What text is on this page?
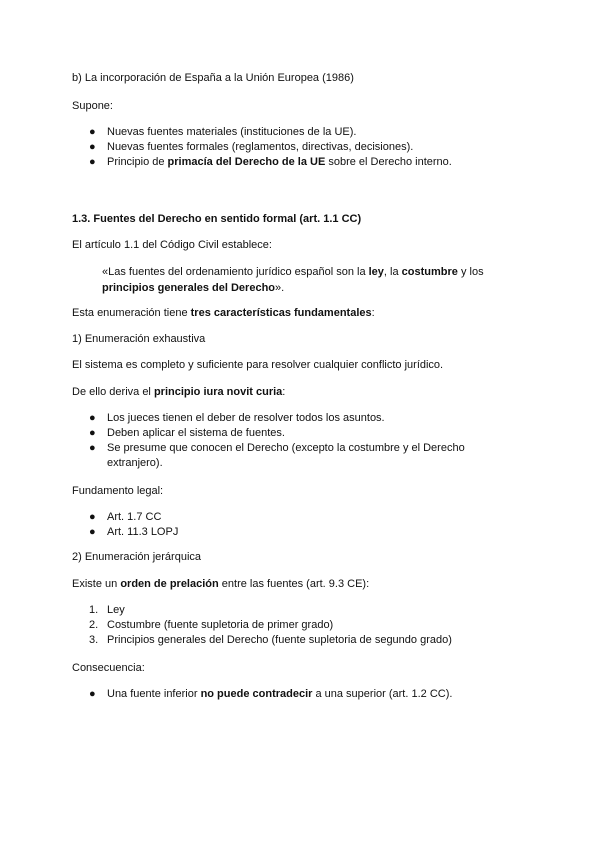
b) La incorporación de España a la Unión Europea (1986)

Supone:

● Nuevas fuentes materiales (instituciones de la UE).
● Nuevas fuentes formales (reglamentos, directivas, decisiones).
● Principio de primacía del Derecho de la UE sobre el Derecho interno.

1.3. Fuentes del Derecho en sentido formal (art. 1.1 CC)

El artículo 1.1 del Código Civil establece:

«Las fuentes del ordenamiento jurídico español son la ley, la costumbre y los
principios generales del Derecho».

Esta enumeración tiene tres características fundamentales:

1) Enumeración exhaustiva

El sistema es completo y suficiente para resolver cualquier conflicto jurídico.

De ello deriva el principio iura novit curia:

● Los jueces tienen el deber de resolver todos los asuntos.
● Deben aplicar el sistema de fuentes.
● Se presume que conocen el Derecho (excepto la costumbre y el Derecho extranjero).

Fundamento legal:

● Art. 1.7 CC
● Art. 11.3 LOPJ

2) Enumeración jerárquica

Existe un orden de prelación entre las fuentes (art. 9.3 CE):

1. Ley
2. Costumbre (fuente supletoria de primer grado)
3. Principios generales del Derecho (fuente supletoria de segundo grado)

Consecuencia:

● Una fuente inferior no puede contradecir a una superior (art. 1.2 CC).
